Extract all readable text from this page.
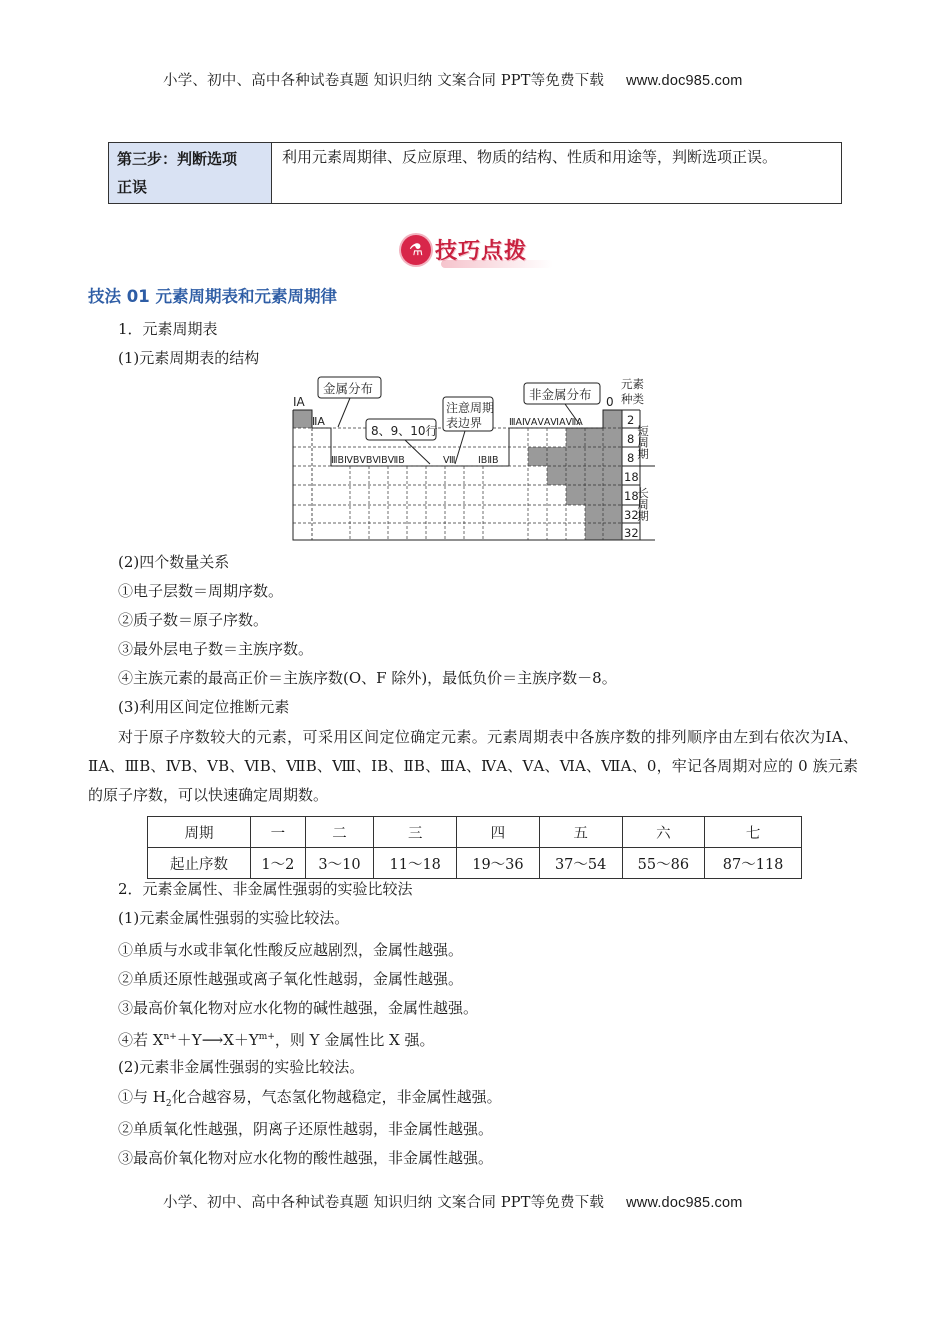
小学、初中、高中各种试卷真题 知识归纳 文案合同 PPT等免费下载 www.doc985.com
第三步：判断选项
正误
	利用元素周期律、反应原理、物质的结构、性质和用途等，判断选项正误。
⚗ 技巧点拨
技法 01 元素周期表和元素周期律
1．元素周期表
(1)元素周期表的结构
ⅠA
ⅡA
ⅢBⅣBⅤBⅥBⅦB	Ⅷ ⅠBⅡB
ⅢAⅣAⅤAⅥAⅦA
0
金属分布
8、9、10行
注意周期
表边界
非金属分布
元素
种类
2
8
8
18
18
32
32
短周期
长周期
(2)四个数量关系
①电子层数＝周期序数。
②质子数＝原子序数。
③最外层电子数＝主族序数。
④主族元素的最高正价＝主族序数(O、F 除外)，最低负价＝主族序数－8。
(3)利用区间定位推断元素
对于原子序数较大的元素，可采用区间定位确定元素。元素周期表中各族序数的排列顺序由左到右依次为ⅠA、ⅡA、ⅢB、ⅣB、ⅤB、ⅥB、ⅦB、Ⅷ、ⅠB、ⅡB、ⅢA、ⅣA、ⅤA、ⅥA、ⅦA、0，牢记各周期对应的 0 族元素的原子序数，可以快速确定周期数。
周期	一	二	三	四	五	六	七
起止序数	1～2	3～10	11～18	19～36	37～54	55～86	87～118
2．元素金属性、非金属性强弱的实验比较法
(1)元素金属性强弱的实验比较法。
①单质与水或非氧化性酸反应越剧烈，金属性越强。
②单质还原性越强或离子氧化性越弱，金属性越强。
③最高价氧化物对应水化物的碱性越强，金属性越强。
④若 $X^{n+}+Y⟶X+Y^{m+}$，则 Y 金属性比 X 强。
(2)元素非金属性强弱的实验比较法。
①与 $H_2$化合越容易，气态氢化物越稳定，非金属性越强。
②单质氧化性越强，阴离子还原性越弱，非金属性越强。
③最高价氧化物对应水化物的酸性越强，非金属性越强。
小学、初中、高中各种试卷真题 知识归纳 文案合同 PPT等免费下载 www.doc985.com
